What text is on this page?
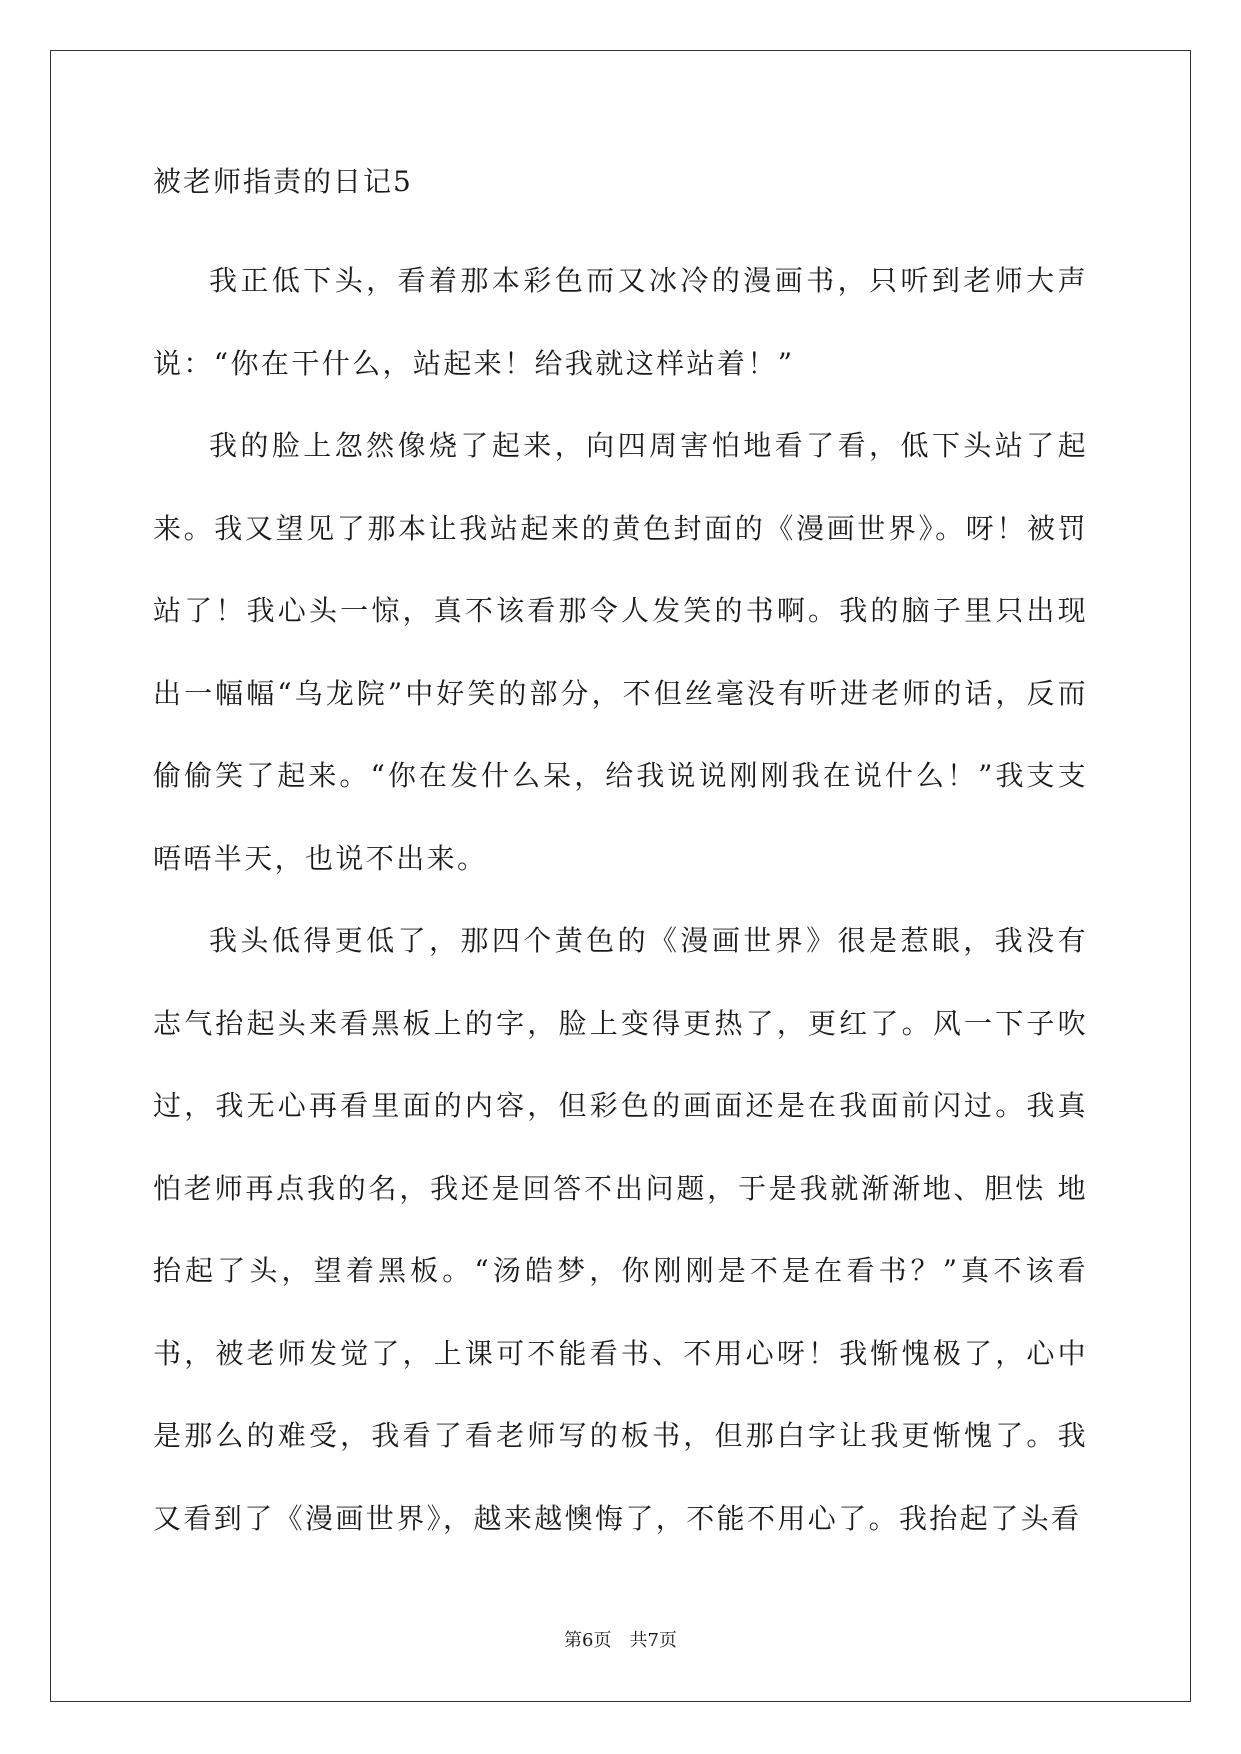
被老师指责的日记5

我正低下头，看着那本彩色而又冰冷的漫画书，只听到老师大声说：“你在干什么，站起来！给我就这样站着！”

我的脸上忽然像烧了起来，向四周害怕地看了看，低下头站了起来。我又望见了那本让我站起来的黄色封面的《漫画世界》。呀！被罚站了！我心头一惊，真不该看那令人发笑的书啊。我的脑子里只出现出一幅幅“乌龙院”中好笑的部分，不但丝毫没有听进老师的话，反而偷偷笑了起来。“你在发什么呆，给我说说刚刚我在说什么！”我支支唔唔半天，也说不出来。

我头低得更低了，那四个黄色的《漫画世界》很是惹眼，我没有志气抬起头来看黑板上的字，脸上变得更热了，更红了。风一下子吹过，我无心再看里面的内容，但彩色的画面还是在我面前闪过。我真怕老师再点我的名，我还是回答不出问题，于是我就渐渐地、胆怯 地抬起了头，望着黑板。“汤皓梦，你刚刚是不是在看书？”真不该看书，被老师发觉了，上课可不能看书、不用心呀！我惭愧极了，心中是那么的难受，我看了看老师写的板书，但那白字让我更惭愧了。我又看到了《漫画世界》，越来越懊悔了，不能不用心了。我抬起了头看

第6页 共7页
